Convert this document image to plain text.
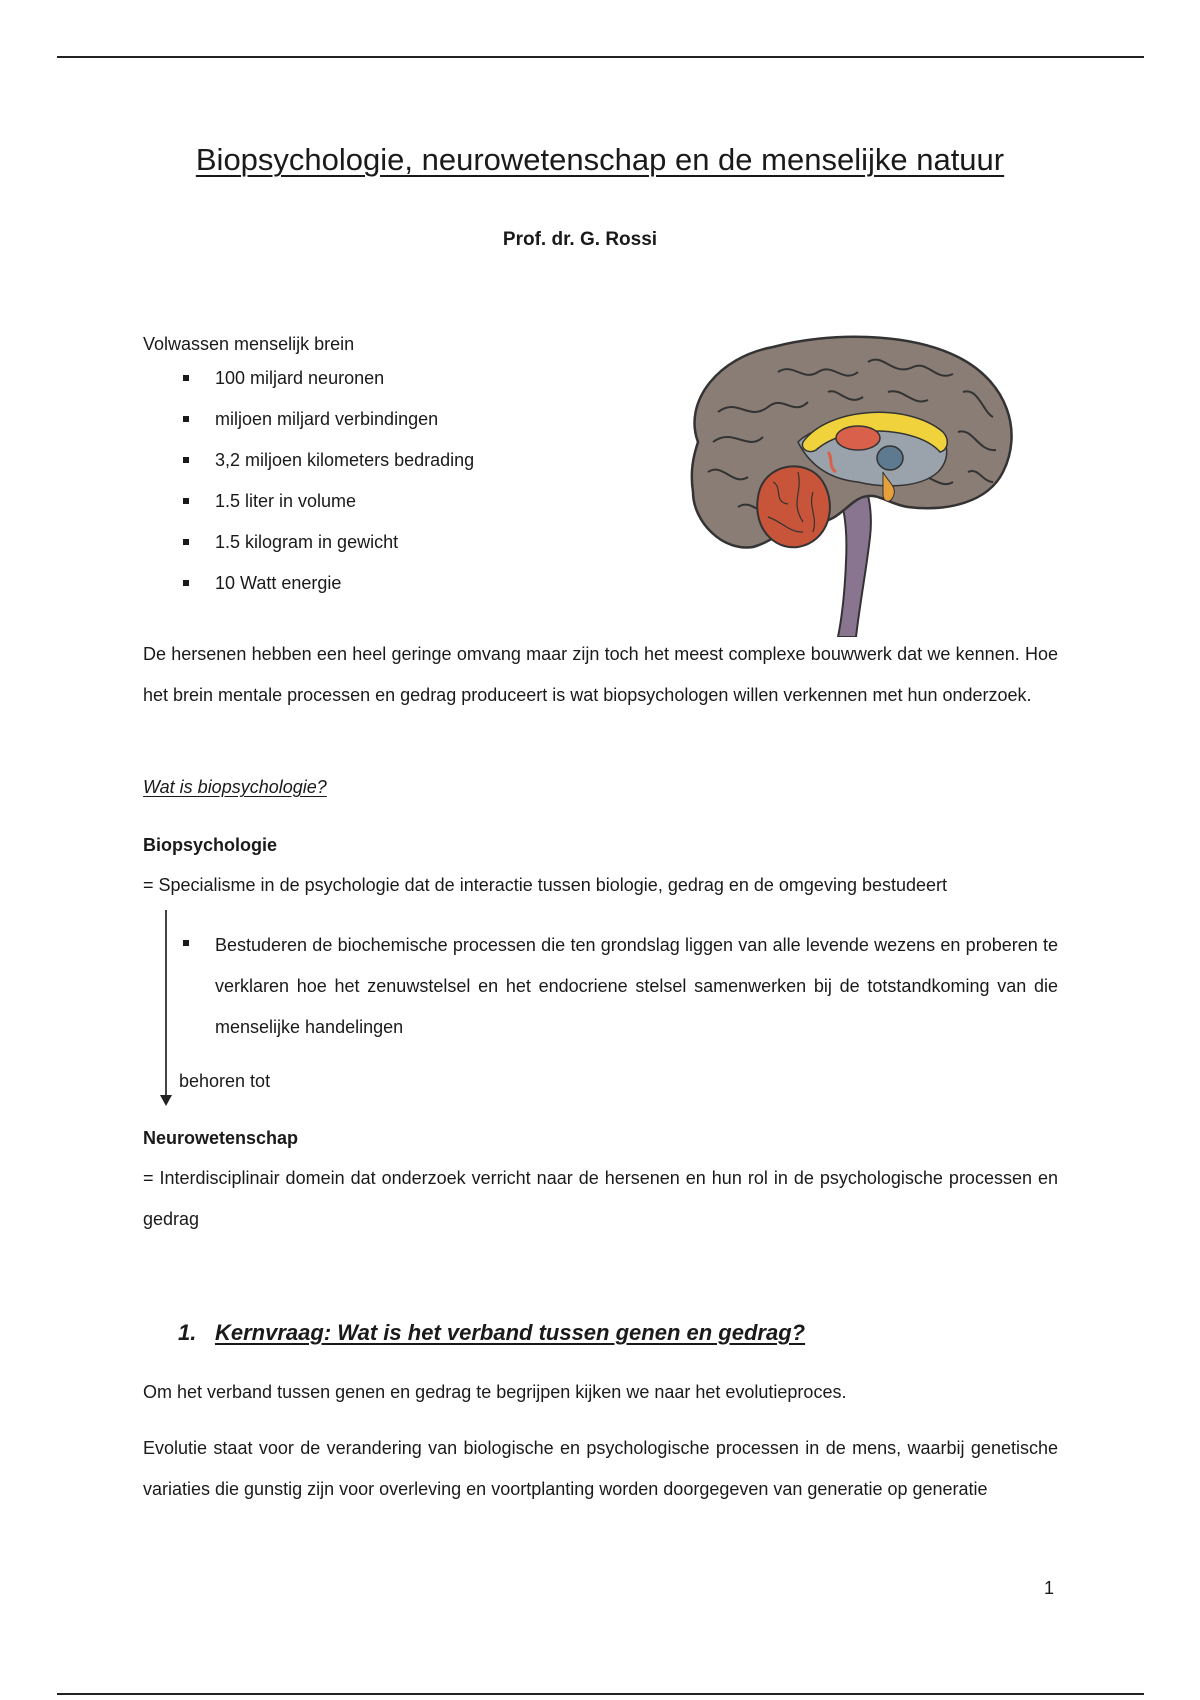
Biopsychologie, neurowetenschap en de menselijke natuur
Prof. dr. G. Rossi
Volwassen menselijk brein
100 miljard neuronen
miljoen miljard verbindingen
3,2 miljoen kilometers bedrading
1.5 liter in volume
1.5 kilogram in gewicht
10 Watt energie
De hersenen hebben een heel geringe omvang maar zijn toch het meest complexe bouwwerk dat we kennen. Hoe het brein mentale processen en gedrag produceert is wat biopsychologen willen verkennen met hun onderzoek.
Wat is biopsychologie?
Biopsychologie
= Specialisme in de psychologie dat de interactie tussen biologie, gedrag en de omgeving bestudeert
Bestuderen de biochemische processen die ten grondslag liggen van alle levende wezens en proberen te verklaren hoe het zenuwstelsel en het endocriene stelsel samenwerken bij de totstandkoming van die menselijke handelingen
behoren tot
Neurowetenschap
= Interdisciplinair domein dat onderzoek verricht naar de hersenen en hun rol in de psychologische processen en gedrag
1. Kernvraag: Wat is het verband tussen genen en gedrag?
Om het verband tussen genen en gedrag te begrijpen kijken we naar het evolutieproces.
Evolutie staat voor de verandering van biologische en psychologische processen in de mens, waarbij genetische variaties die gunstig zijn voor overleving en voortplanting worden doorgegeven van generatie op generatie
1
